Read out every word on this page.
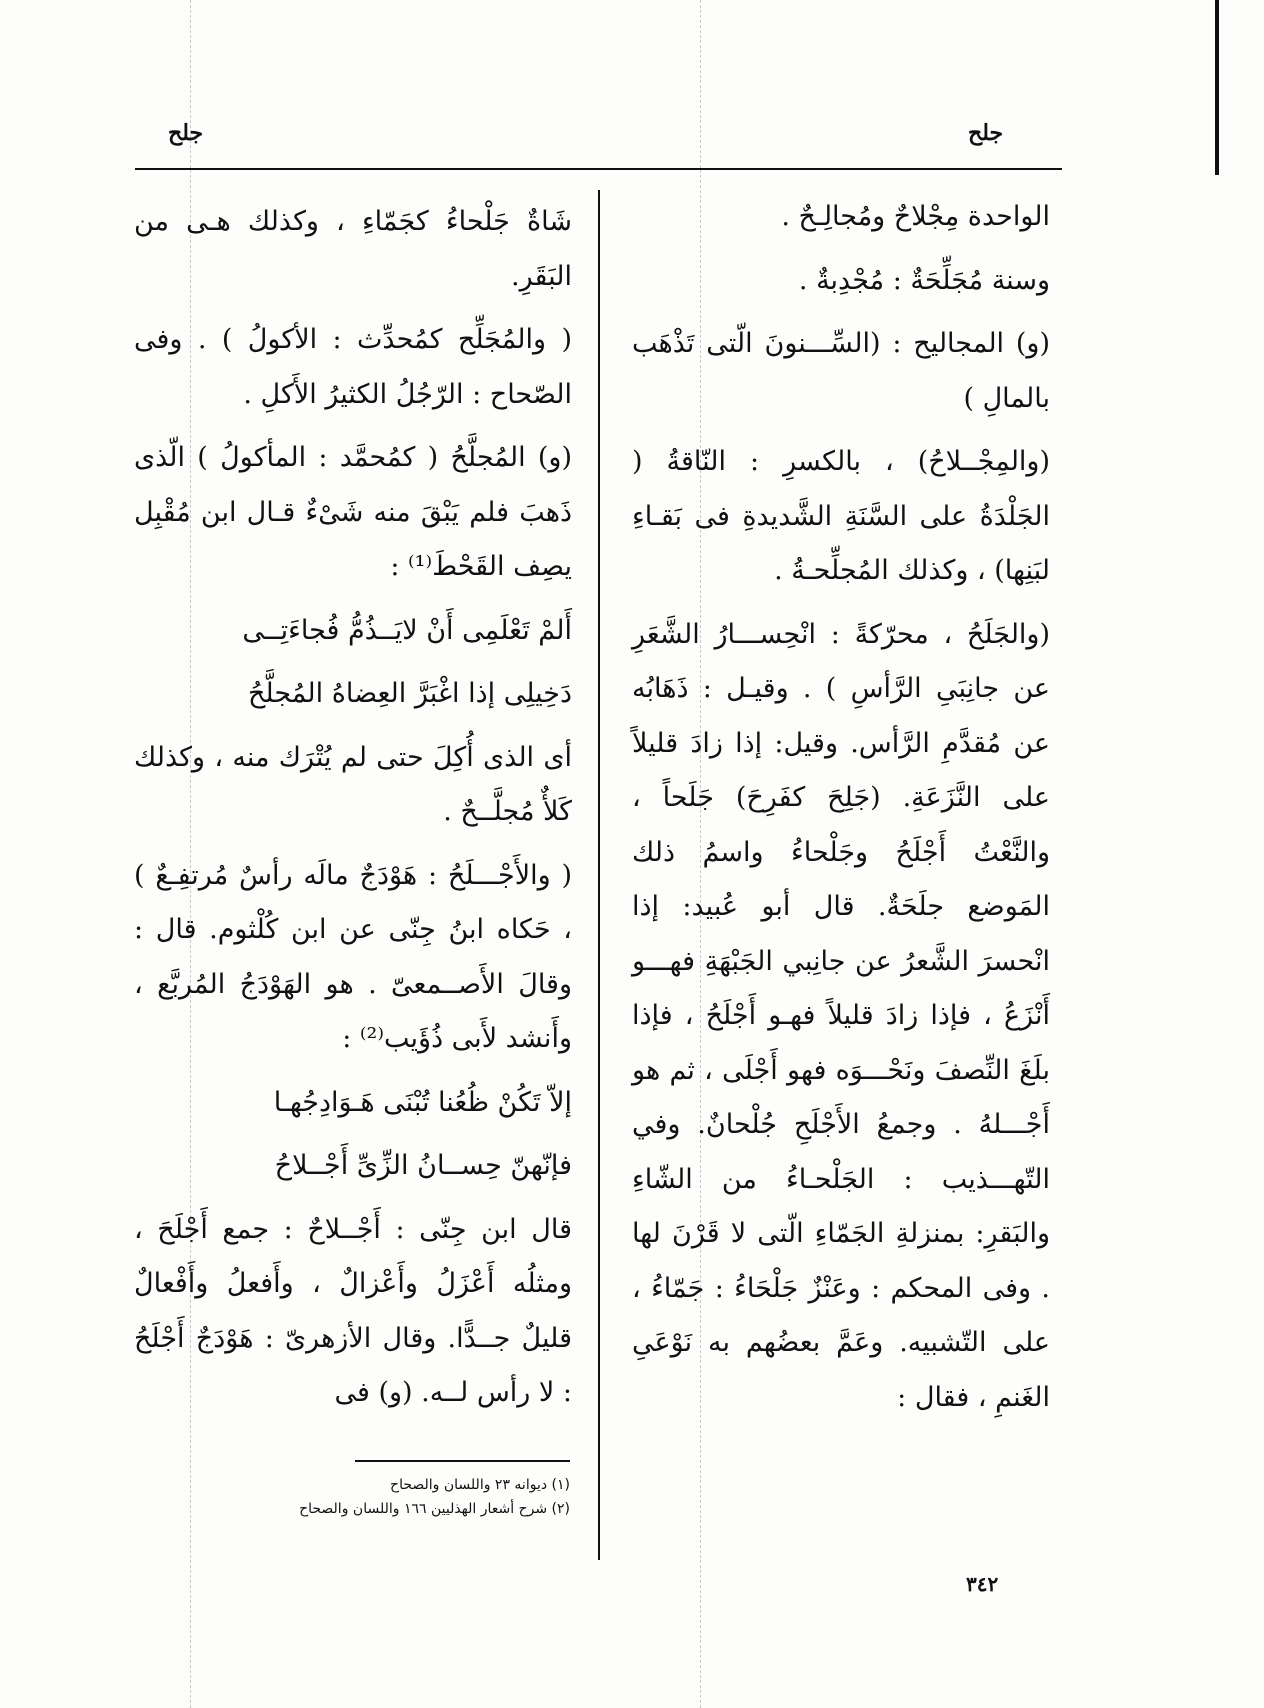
جلح
جلح

الواحدة مِجْلاحٌ ومُجالِـحٌ .

وسنة مُجَلِّحَةٌ : مُجْدِبةٌ .

(و) المجاليح : (السِّـــنونَ الّتى تَذْهَب بالمالِ )

(والمِجْــلاحُ) ، بالكسرِ : النّاقةُ ( الجَلْدَةُ على السَّنَةِ الشَّديدةِ فى بَقـاءِ لبَنِها) ، وكذلك المُجلِّحـةُ .

(والجَلَحُ ، محرّكةً : انْحِســـارُ الشَّعَرِ عن جانِبَىِ الرَّأسِ ) . وقيـل : ذَهَابُه عن مُقدَّمِ الرَّأس. وقيل: إذا زادَ قليلاً على النَّزَعَةِ. (جَلِحَ كفَرِحَ) جَلَحاً ، والنَّعْتُ أَجْلَحُ وجَلْحاءُ واسمُ ذلك المَوضع جلَحَةٌ. قال أبو عُبيد: إذا انْحسرَ الشَّعرُ عن جانِبي الجَبْهَةِ فهـــو أَنْزَعُ ، فإذا زادَ قليلاً فهـو أَجْلَحُ ، فإذا بلَغَ النِّصفَ ونَحْـــوَه فهو أَجْلَى ، ثم هو أَجْـــلهُ . وجمعُ الأَجْلَحِ جُلْحانٌ. وفي التّهـــذيب : الجَلْحـاءُ من الشّاءِ والبَقرِ: بمنزلةِ الجَمّاءِ الّتى لا قَرْنَ لها . وفى المحكم : وعَنْزٌ جَلْحَاءُ : جَمّاءُ ، على التّشبيه. وعَمَّ بعضُهم به نَوْعَىِ الغَنمِ ، فقال :

شَاةٌ جَلْحاءُ كجَمّاءِ ، وكذلك هـى من البَقَرِ.

( والمُجَلِّح كمُحدِّث : الأكولُ ) . وفى الصّحاح : الرّجُلُ الكثيرُ الأَكلِ .

(و) المُجلَّحُ ( كمُحمَّد : المأكولُ ) الّذى ذَهبَ فلم يَبْقَ منه شَىْءٌ قـال ابن مُقْبِل يصِف القَحْطَ⁽¹⁾ :

أَلمْ تَعْلَمِى أَنْ لايَــذُمُّ فُجاءَتِــى

دَخِيلِى إذا اغْبَرَّ العِضاهُ المُجلَّحُ

أى الذى أُكِلَ حتى لم يُتْرَك منه ، وكذلك كَلأٌ مُجلَّــحٌ .

( والأَجْـــلَحُ : هَوْدَجٌ مالَه رأسٌ مُرتفِـعٌ ) ، حَكاه ابنُ جِنّى عن ابن كُلْثوم. قال : وقالَ الأَصــمعىّ . هو الهَوْدَجُ المُربَّع ، وأَنشد لأَبى ذُؤَيب⁽²⁾ :

إلاّ تَكُنْ ظُعُنا تُبْنَى هَـوَادِجُهـا

فإنّهنّ حِســانُ الزِّىِّ أَجْــلاحُ

قال ابن جِنّى : أَجْــلاحٌ : جمع أَجْلَحَ ، ومثلُه أَعْزَلُ وأَعْزالٌ ، وأَفعلُ وأَفْعالٌ قليلٌ جــدًّا. وقال الأزهرىّ : هَوْدَجٌ أَجْلَحُ : لا رأس لــه. (و) فى

(١) ديوانه ٢٣ واللسان والصحاح
(٢) شرح أشعار الهذليين ١٦٦ واللسان والصحاح
٣٤٢
